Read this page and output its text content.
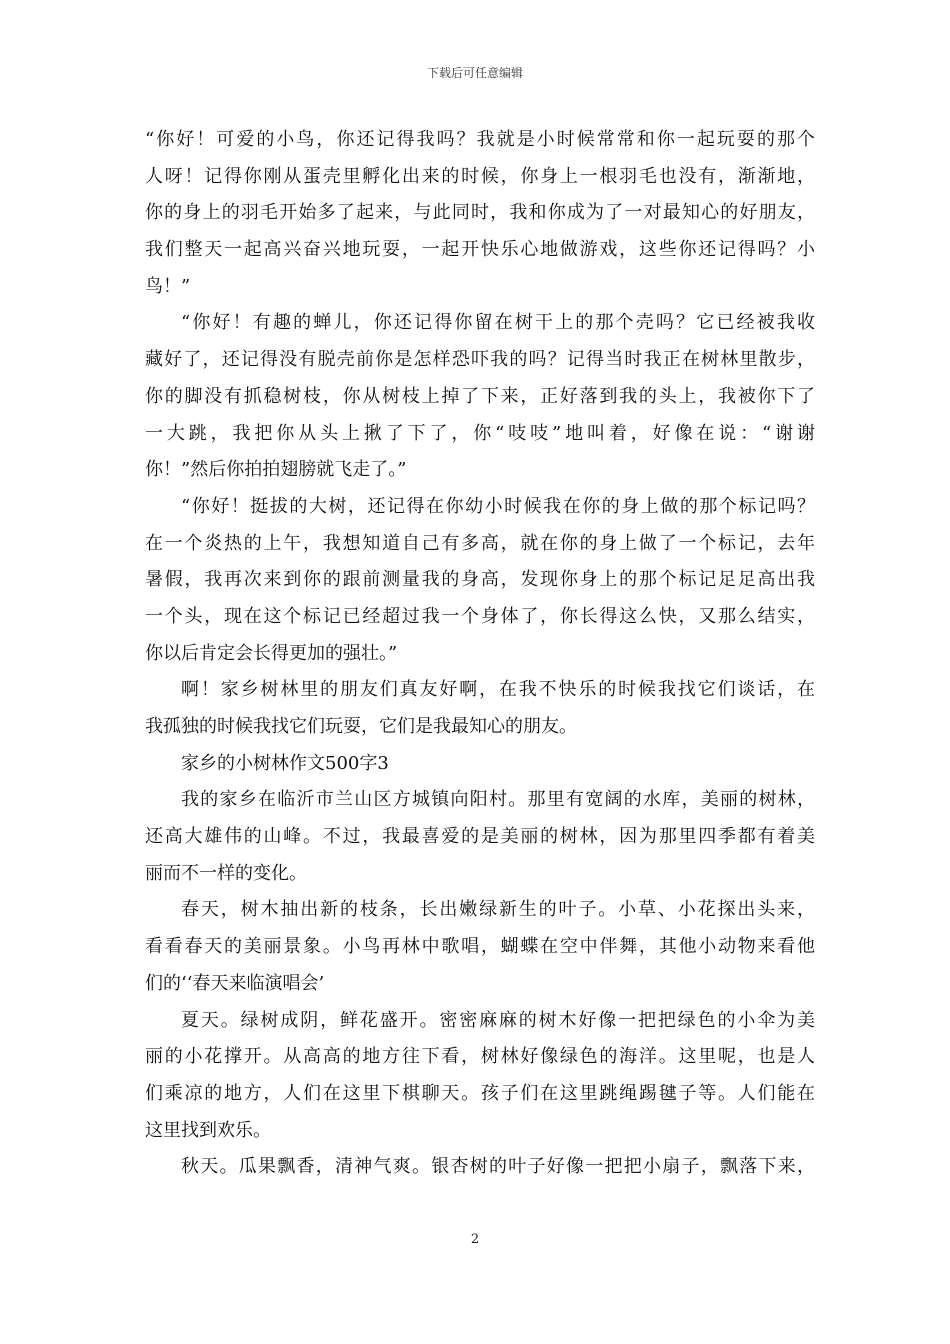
下载后可任意编辑
“你好！可爱的小鸟，你还记得我吗？我就是小时候常常和你一起玩耍的那个
人呀！记得你刚从蛋壳里孵化出来的时候，你身上一根羽毛也没有，渐渐地，
你的身上的羽毛开始多了起来，与此同时，我和你成为了一对最知心的好朋友，
我们整天一起高兴奋兴地玩耍，一起开快乐心地做游戏，这些你还记得吗？小
鸟！”
“你好！有趣的蝉儿，你还记得你留在树干上的那个壳吗？它已经被我收
藏好了，还记得没有脱壳前你是怎样恐吓我的吗？记得当时我正在树林里散步，
你的脚没有抓稳树枝，你从树枝上掉了下来，正好落到我的头上，我被你下了
一大跳，我把你从头上揪了下了，你“吱吱”地叫着，好像在说：“谢谢
你！”然后你拍拍翅膀就飞走了。”
“你好！挺拔的大树，还记得在你幼小时候我在你的身上做的那个标记吗？
在一个炎热的上午，我想知道自己有多高，就在你的身上做了一个标记，去年
暑假，我再次来到你的跟前测量我的身高，发现你身上的那个标记足足高出我
一个头，现在这个标记已经超过我一个身体了，你长得这么快，又那么结实，
你以后肯定会长得更加的强壮。”
啊！家乡树林里的朋友们真友好啊，在我不快乐的时候我找它们谈话，在
我孤独的时候我找它们玩耍，它们是我最知心的朋友。
家乡的小树林作文500字3
我的家乡在临沂市兰山区方城镇向阳村。那里有宽阔的水库，美丽的树林，
还高大雄伟的山峰。不过，我最喜爱的是美丽的树林，因为那里四季都有着美
丽而不一样的变化。
春天，树木抽出新的枝条，长出嫩绿新生的叶子。小草、小花探出头来，
看看春天的美丽景象。小鸟再林中歌唱，蝴蝶在空中伴舞，其他小动物来看他
们的‘‘春天来临演唱会’
夏天。绿树成阴，鲜花盛开。密密麻麻的树木好像一把把绿色的小伞为美
丽的小花撑开。从高高的地方往下看，树林好像绿色的海洋。这里呢，也是人
们乘凉的地方，人们在这里下棋聊天。孩子们在这里跳绳踢毽子等。人们能在
这里找到欢乐。
秋天。瓜果飘香，清神气爽。银杏树的叶子好像一把把小扇子，飘落下来，
2
